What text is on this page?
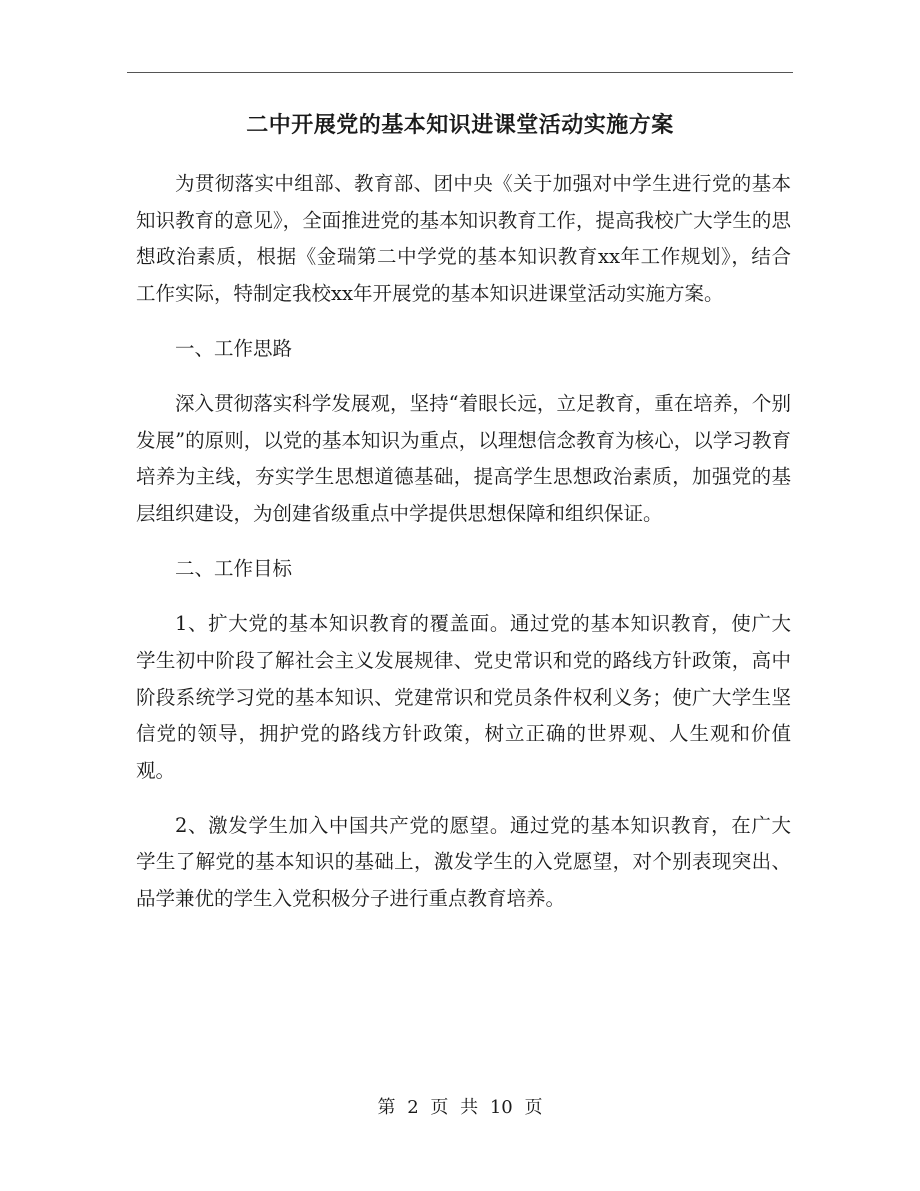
二中开展党的基本知识进课堂活动实施方案

为贯彻落实中组部、教育部、团中央《关于加强对中学生进行党的基本知识教育的意见》，全面推进党的基本知识教育工作，提高我校广大学生的思想政治素质，根据《金瑞第二中学党的基本知识教育xx年工作规划》，结合工作实际，特制定我校xx年开展党的基本知识进课堂活动实施方案。

一、工作思路

深入贯彻落实科学发展观，坚持“着眼长远，立足教育，重在培养，个别发展”的原则，以党的基本知识为重点，以理想信念教育为核心，以学习教育培养为主线，夯实学生思想道德基础，提高学生思想政治素质，加强党的基层组织建设，为创建省级重点中学提供思想保障和组织保证。

二、工作目标

1、扩大党的基本知识教育的覆盖面。通过党的基本知识教育，使广大学生初中阶段了解社会主义发展规律、党史常识和党的路线方针政策，高中阶段系统学习党的基本知识、党建常识和党员条件权利义务；使广大学生坚信党的领导，拥护党的路线方针政策，树立正确的世界观、人生观和价值观。

2、激发学生加入中国共产党的愿望。通过党的基本知识教育，在广大学生了解党的基本知识的基础上，激发学生的入党愿望，对个别表现突出、品学兼优的学生入党积极分子进行重点教育培养。

第 2 页 共 10 页
